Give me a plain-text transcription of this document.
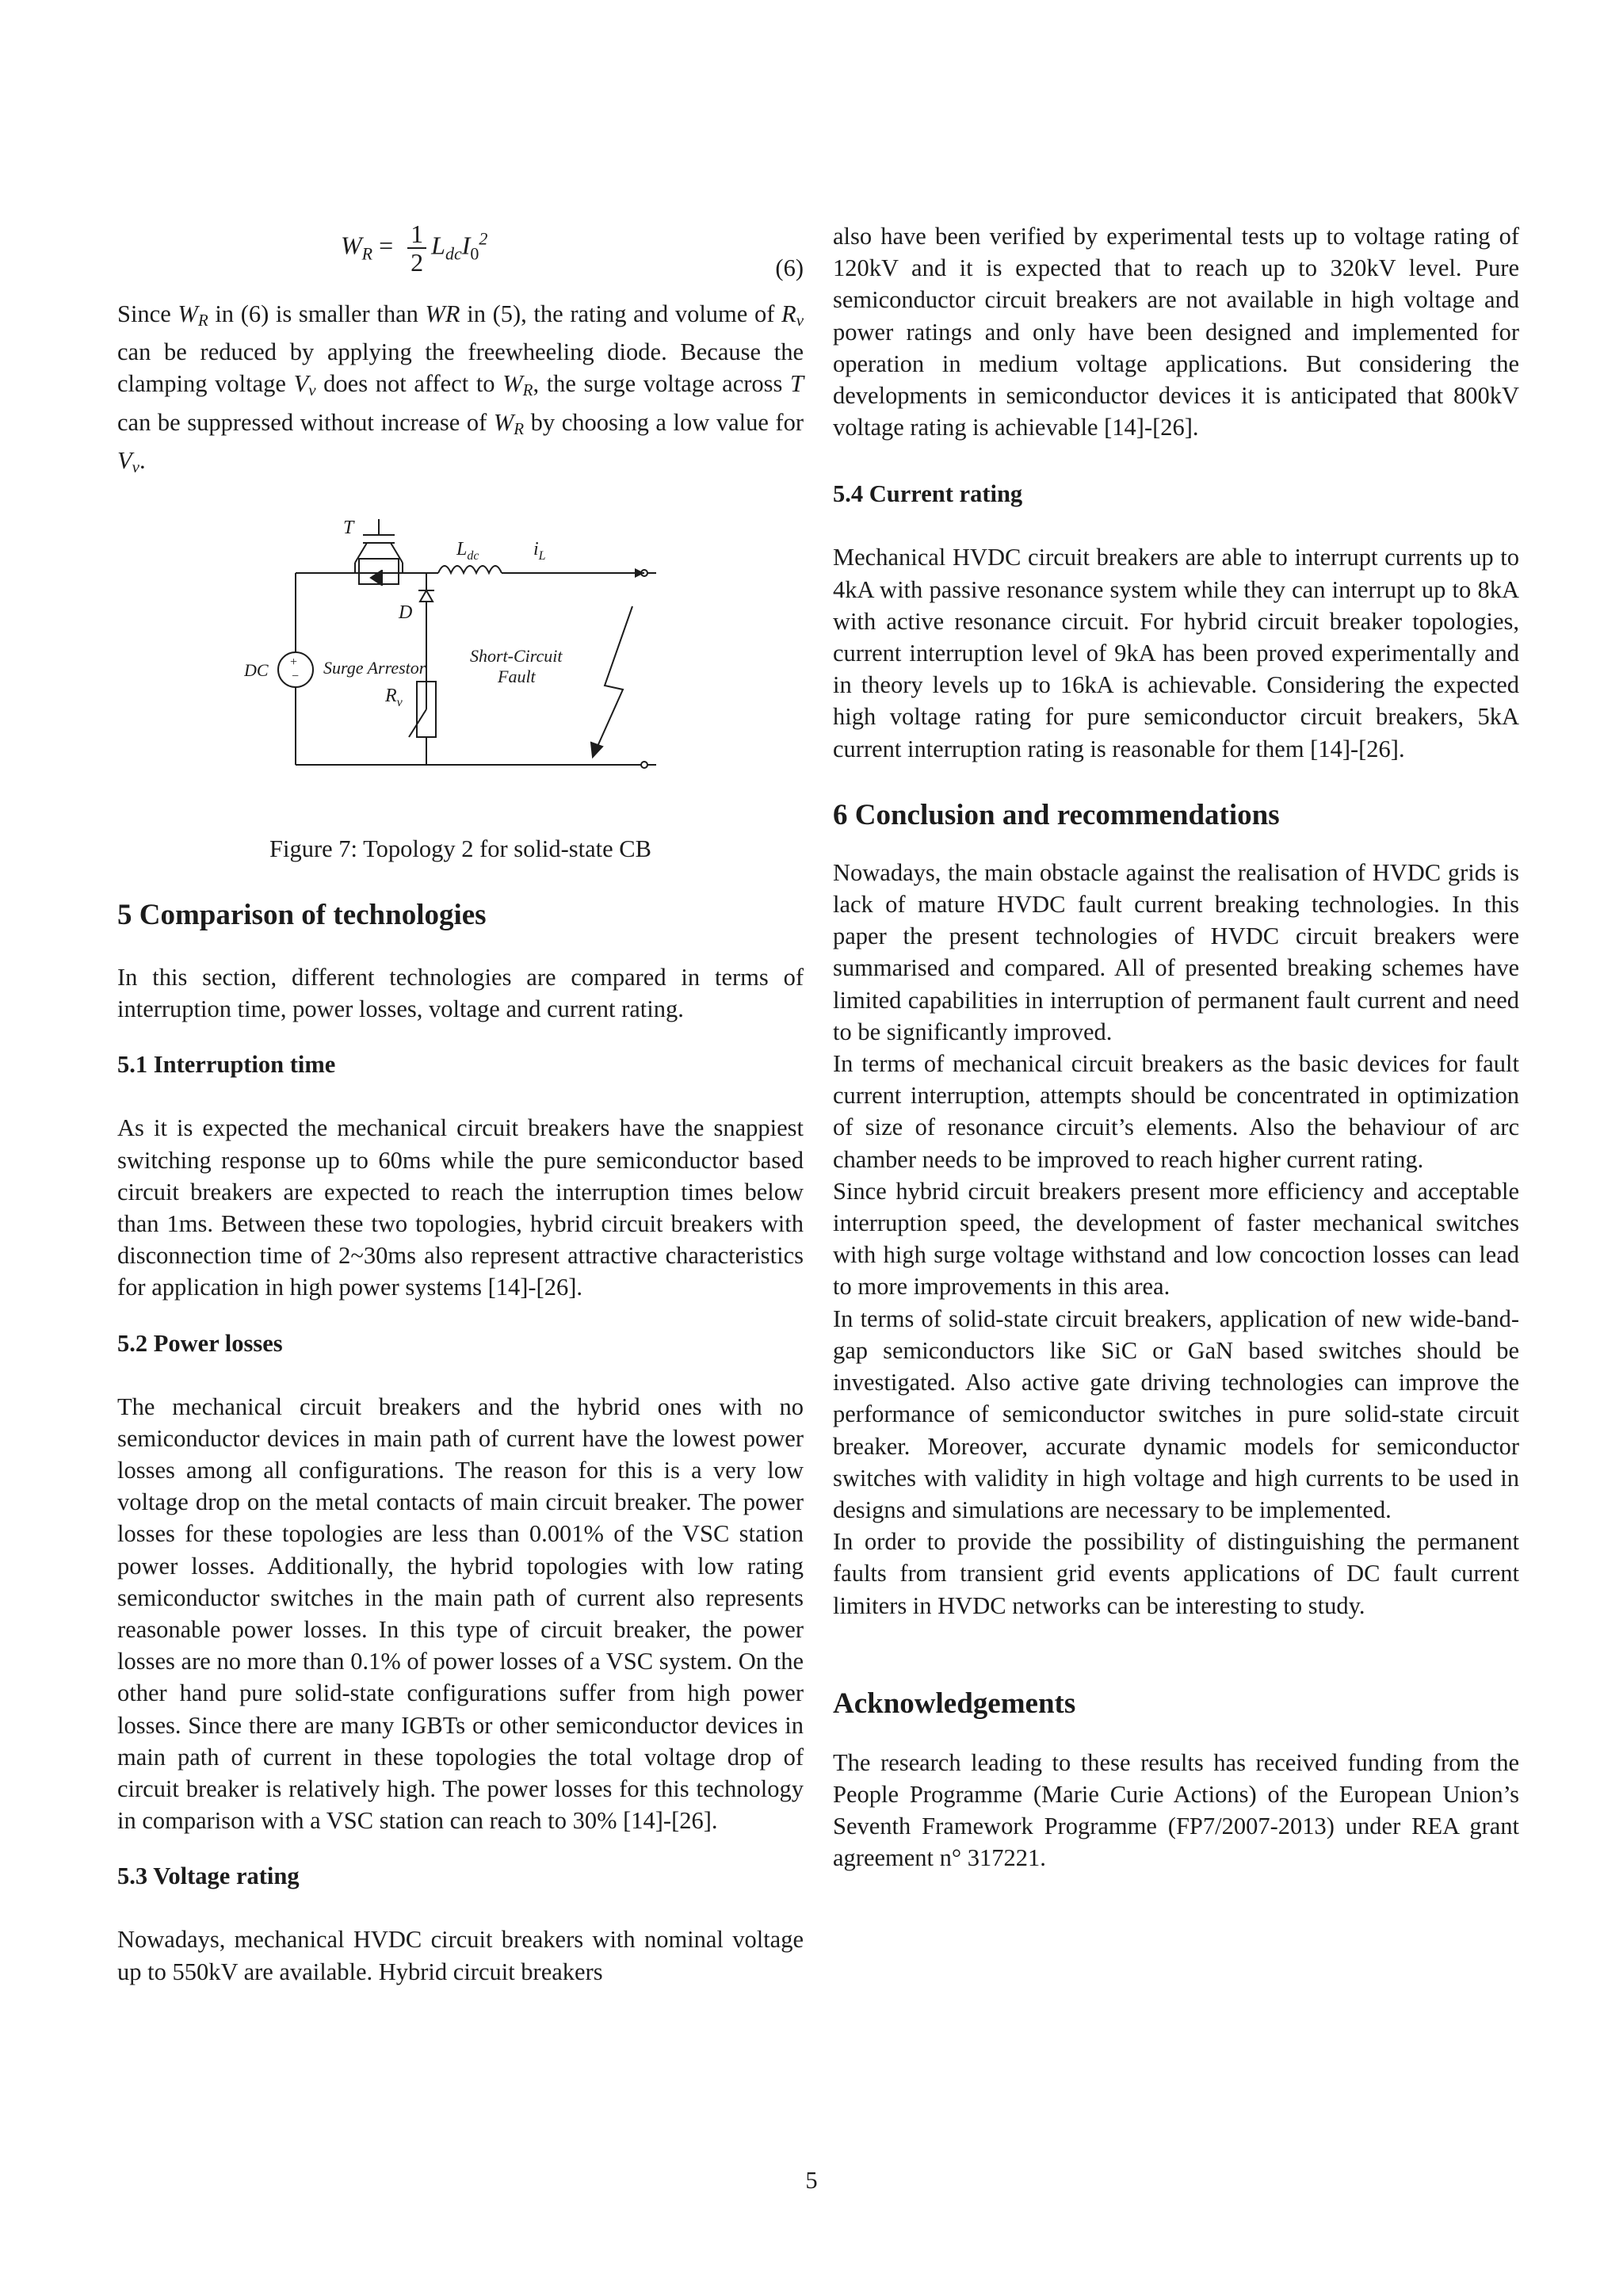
$W_R = \frac{1}{2} L_{dc}I_0^2$
(6)

Since WR in (6) is smaller than WR in (5), the rating and volume of Rv can be reduced by applying the freewheeling diode. Because the clamping voltage Vv does not affect to WR, the surge voltage across T can be suppressed without increase of WR by choosing a low value for Vv.

+
−
T
$L_{dc}$	$i_L$
D
DC	Surge Arrestor
$R_v$
Short-Circuit
Fault

Figure 7: Topology 2 for solid-state CB

5 Comparison of technologies

In this section, different technologies are compared in terms of interruption time, power losses, voltage and current rating.

5.1 Interruption time

As it is expected the mechanical circuit breakers have the snappiest switching response up to 60ms while the pure semiconductor based circuit breakers are expected to reach the interruption times below than 1ms. Between these two topologies, hybrid circuit breakers with disconnection time of 2~30ms also represent attractive characteristics for application in high power systems [14]-[26].

5.2 Power losses

The mechanical circuit breakers and the hybrid ones with no semiconductor devices in main path of current have the lowest power losses among all configurations. The reason for this is a very low voltage drop on the metal contacts of main circuit breaker. The power losses for these topologies are less than 0.001% of the VSC station power losses. Additionally, the hybrid topologies with low rating semiconductor switches in the main path of current also represents reasonable power losses. In this type of circuit breaker, the power losses are no more than 0.1% of power losses of a VSC system. On the other hand pure solid-state configurations suffer from high power losses. Since there are many IGBTs or other semiconductor devices in main path of current in these topologies the total voltage drop of circuit breaker is relatively high. The power losses for this technology in comparison with a VSC station can reach to 30% [14]-[26].

5.3 Voltage rating

Nowadays, mechanical HVDC circuit breakers with nominal voltage up to 550kV are available. Hybrid circuit breakers

also have been verified by experimental tests up to voltage rating of 120kV and it is expected that to reach up to 320kV level. Pure semiconductor circuit breakers are not available in high voltage and power ratings and only have been designed and implemented for operation in medium voltage applications. But considering the developments in semiconductor devices it is anticipated that 800kV voltage rating is achievable [14]-[26].

5.4 Current rating

Mechanical HVDC circuit breakers are able to interrupt currents up to 4kA with passive resonance system while they can interrupt up to 8kA with active resonance circuit. For hybrid circuit breaker topologies, current interruption level of 9kA has been proved experimentally and in theory levels up to 16kA is achievable. Considering the expected high voltage rating for pure semiconductor circuit breakers, 5kA current interruption rating is reasonable for them [14]-[26].

6 Conclusion and recommendations

Nowadays, the main obstacle against the realisation of HVDC grids is lack of mature HVDC fault current breaking technologies. In this paper the present technologies of HVDC circuit breakers were summarised and compared. All of presented breaking schemes have limited capabilities in interruption of permanent fault current and need to be significantly improved.

In terms of mechanical circuit breakers as the basic devices for fault current interruption, attempts should be concentrated in optimization of size of resonance circuit’s elements. Also the behaviour of arc chamber needs to be improved to reach higher current rating.

Since hybrid circuit breakers present more efficiency and acceptable interruption speed, the development of faster mechanical switches with high surge voltage withstand and low concoction losses can lead to more improvements in this area.

In terms of solid-state circuit breakers, application of new wide-band-gap semiconductors like SiC or GaN based switches should be investigated. Also active gate driving technologies can improve the performance of semiconductor switches in pure solid-state circuit breaker. Moreover, accurate dynamic models for semiconductor switches with validity in high voltage and high currents to be used in designs and simulations are necessary to be implemented.

In order to provide the possibility of distinguishing the permanent faults from transient grid events applications of DC fault current limiters in HVDC networks can be interesting to study.

Acknowledgements

The research leading to these results has received funding from the People Programme (Marie Curie Actions) of the European Union’s Seventh Framework Programme (FP7/2007-2013) under REA grant agreement n° 317221.

5
